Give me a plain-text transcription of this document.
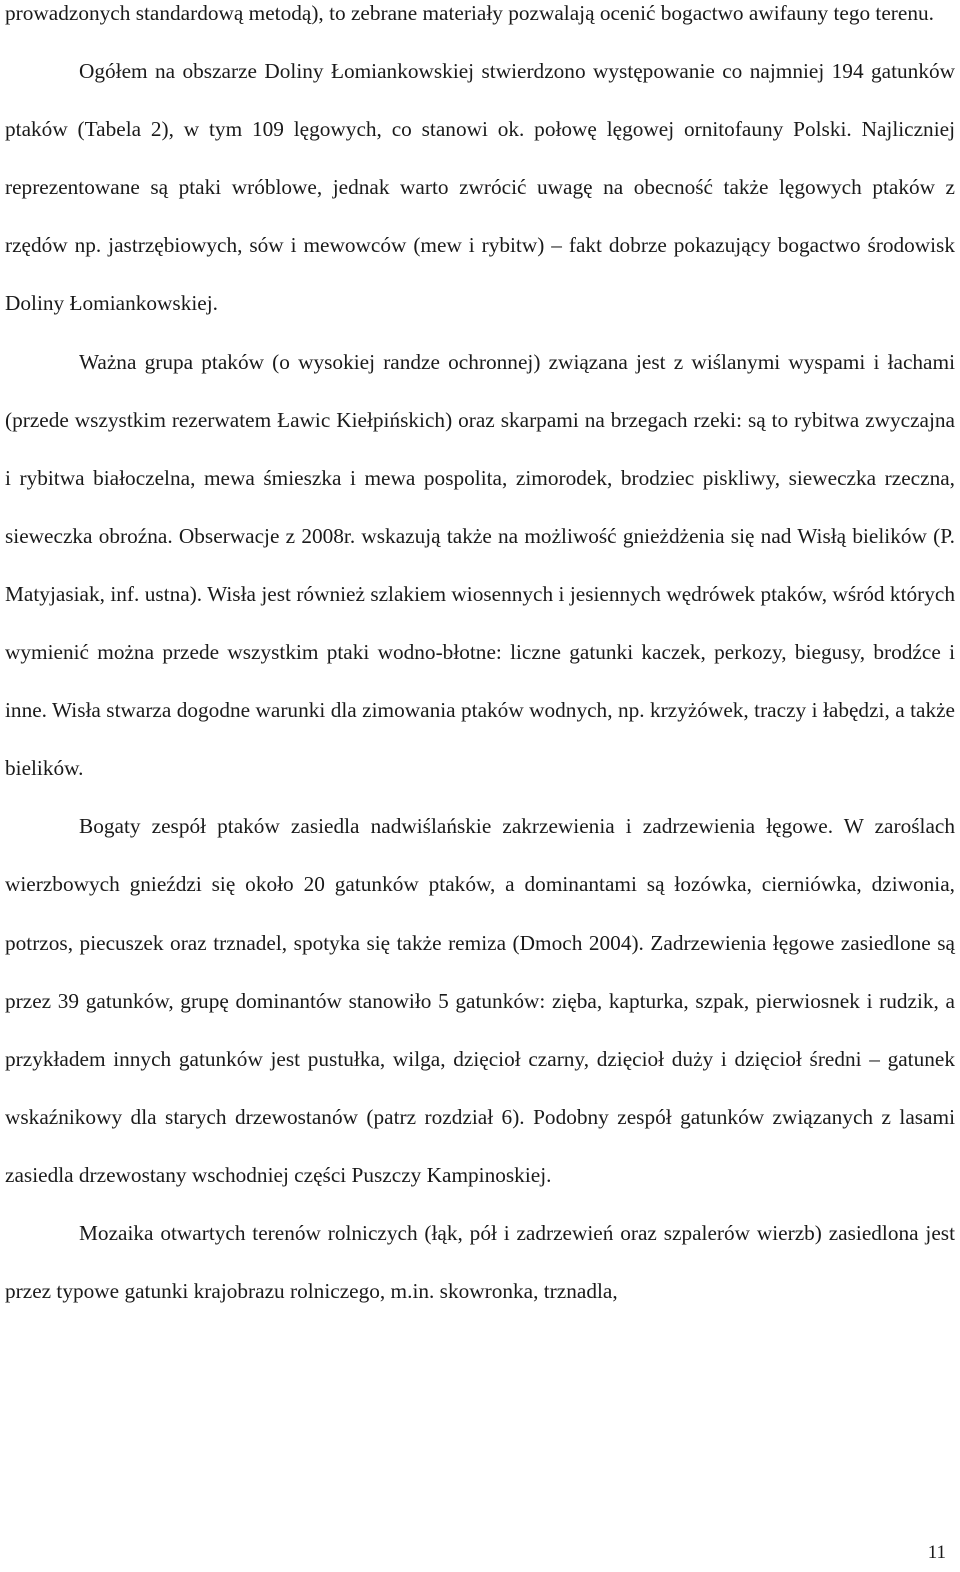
prowadzonych standardową metodą), to zebrane materiały pozwalają ocenić bogactwo awifauny tego terenu.

Ogółem na obszarze Doliny Łomiankowskiej stwierdzono występowanie co najmniej 194 gatunków ptaków (Tabela 2), w tym 109 lęgowych, co stanowi ok. połowę lęgowej ornitofauny Polski. Najliczniej reprezentowane są ptaki wróblowe, jednak warto zwrócić uwagę na obecność także lęgowych ptaków z rzędów np. jastrzębiowych, sów i mewowców (mew i rybitw) – fakt dobrze pokazujący bogactwo środowisk Doliny Łomiankowskiej.

Ważna grupa ptaków (o wysokiej randze ochronnej) związana jest z wiślanymi wyspami i łachami (przede wszystkim rezerwatem Ławic Kiełpińskich) oraz skarpami na brzegach rzeki: są to rybitwa zwyczajna i rybitwa białoczelna, mewa śmieszka i mewa pospolita, zimorodek, brodziec piskliwy, sieweczka rzeczna, sieweczka obroźna. Obserwacje z 2008r. wskazują także na możliwość gnieżdżenia się nad Wisłą bielików (P. Matyjasiak, inf. ustna). Wisła jest również szlakiem wiosennych i jesiennych wędrówek ptaków, wśród których wymienić można przede wszystkim ptaki wodno-błotne: liczne gatunki kaczek, perkozy, biegusy, brodźce i inne. Wisła stwarza dogodne warunki dla zimowania ptaków wodnych, np. krzyżówek, traczy i łabędzi, a także bielików.

Bogaty zespół ptaków zasiedla nadwiślańskie zakrzewienia i zadrzewienia łęgowe. W zaroślach wierzbowych gnieździ się około 20 gatunków ptaków, a dominantami są łozówka, cierniówka, dziwonia, potrzos, piecuszek oraz trznadel, spotyka się także remiza (Dmoch 2004). Zadrzewienia łęgowe zasiedlone są przez 39 gatunków, grupę dominantów stanowiło 5 gatunków: zięba, kapturka, szpak, pierwiosnek i rudzik, a przykładem innych gatunków jest pustułka, wilga, dzięcioł czarny, dzięcioł duży i dzięcioł średni – gatunek wskaźnikowy dla starych drzewostanów (patrz rozdział 6). Podobny zespół gatunków związanych z lasami zasiedla drzewostany wschodniej części Puszczy Kampinoskiej.

Mozaika otwartych terenów rolniczych (łąk, pół i zadrzewień oraz szpalerów wierzb) zasiedlona jest przez typowe gatunki krajobrazu rolniczego, m.in. skowronka, trznadla,

11
